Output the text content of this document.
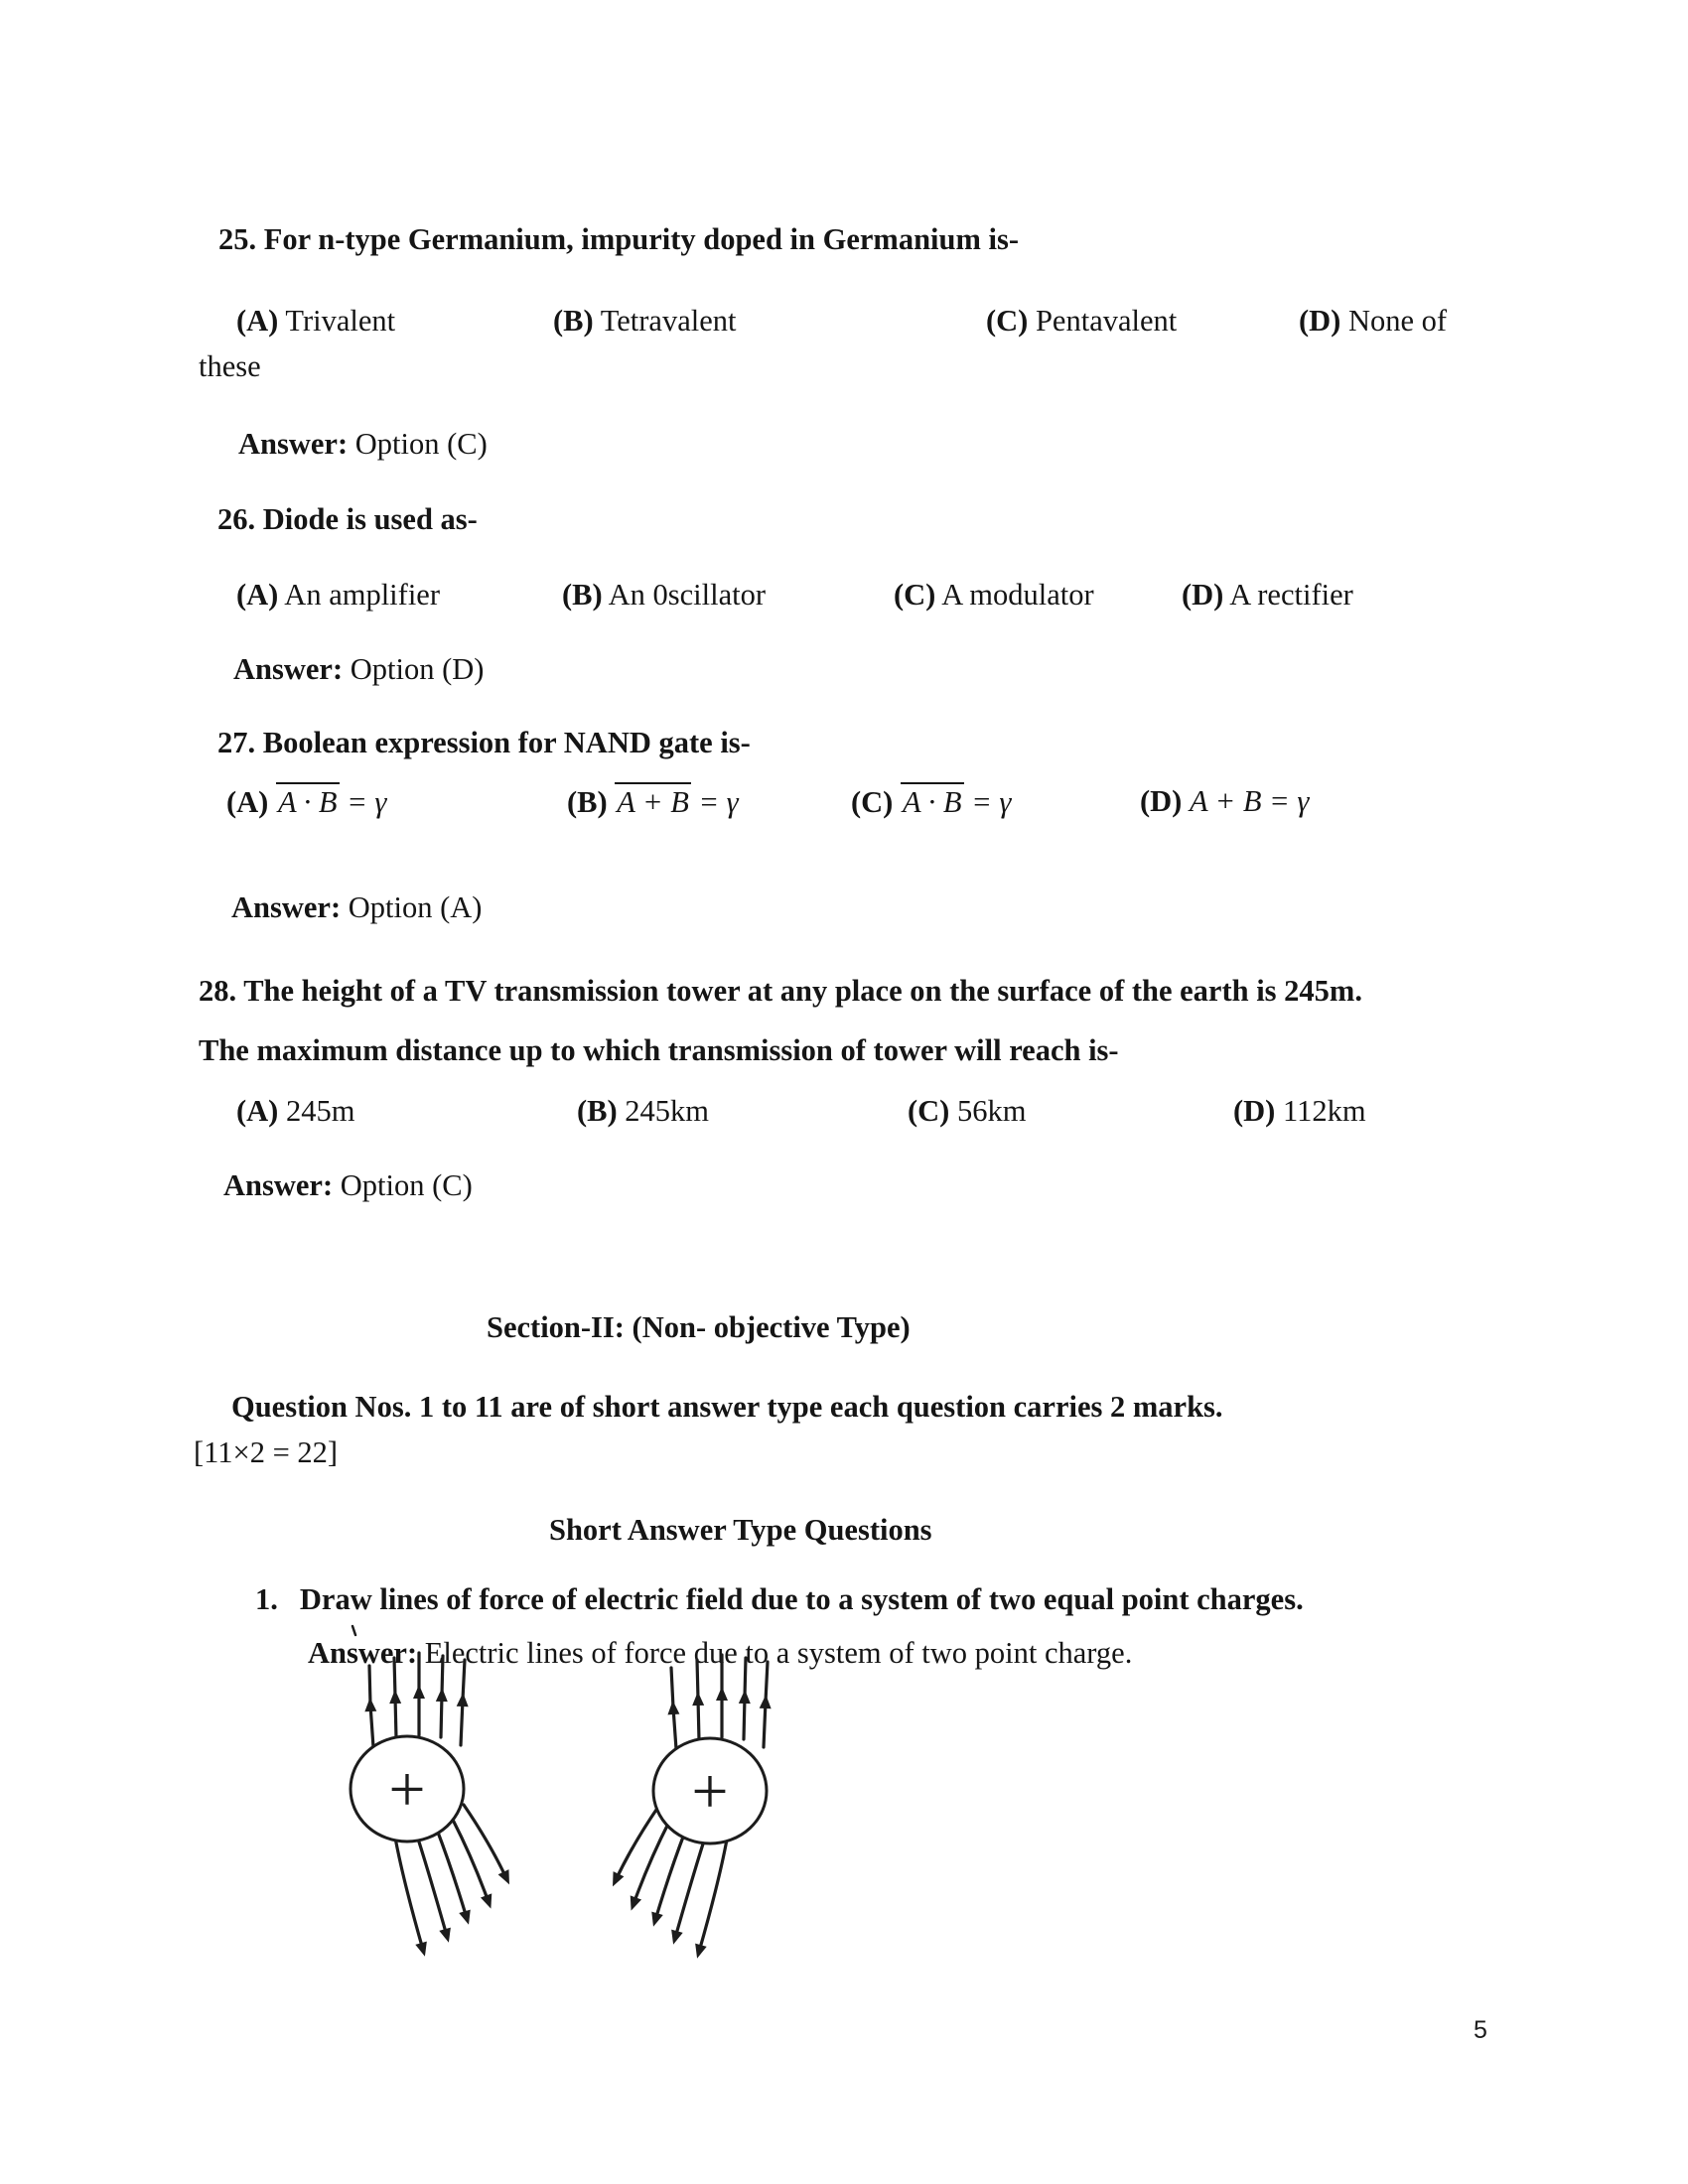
25. For n-type Germanium, impurity doped in Germanium is-
(A) Trivalent	(B) Tetravalent	(C) Pentavalent	(D) None of
these
Answer: Option (C)
26. Diode is used as-
(A) An amplifier	(B) An 0scillator	(C) A modulator	(D) A rectifier
Answer: Option (D)
27. Boolean expression for NAND gate is-
(A) A · B = γ	(B) A + B = γ	(C) A · B = γ	(D) A + B = γ
Answer: Option (A)
28. The height of a TV transmission tower at any place on the surface of the earth is 245m.
The maximum distance up to which transmission of tower will reach is-
(A) 245m	(B) 245km	(C) 56km	(D) 112km
Answer: Option (C)
Section-II: (Non- objective Type)
Question Nos. 1 to 11 are of short answer type each question carries 2 marks.
[11×2 = 22]
Short Answer Type Questions
1. Draw lines of force of electric field due to a system of two equal point charges.
Answer: Electric lines of force due to a system of two point charge.
+	+
5
